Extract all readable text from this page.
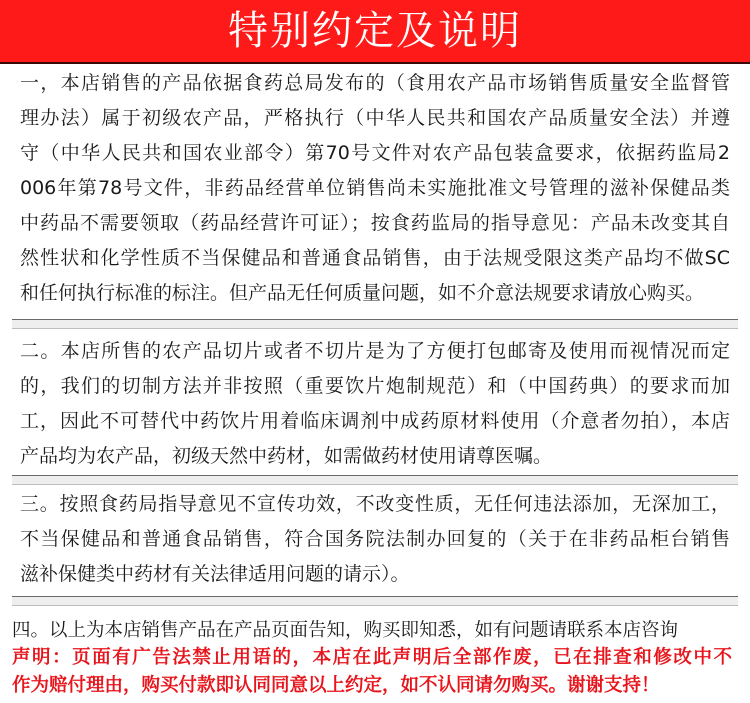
特别约定及说明
一，本店销售的产品依据食药总局发布的（食用农产品市场销售质量安全监督管
理办法）属于初级农产品，严格执行（中华人民共和国农产品质量安全法）并遵
守（中华人民共和国农业部令）第70号文件对农产品包装盒要求，依据药监局2
006年第78号文件，非药品经营单位销售尚未实施批准文号管理的滋补保健品类
中药品不需要领取（药品经营许可证）；按食药监局的指导意见：产品未改变其自
然性状和化学性质不当保健品和普通食品销售，由于法规受限这类产品均不做SC
和任何执行标准的标注。但产品无任何质量问题，如不介意法规要求请放心购买。
二。本店所售的农产品切片或者不切片是为了方便打包邮寄及使用而视情况而定
的，我们的切制方法并非按照（重要饮片炮制规范）和（中国药典）的要求而加
工，因此不可替代中药饮片用着临床调剂中成药原材料使用（介意者勿拍），本店
产品均为农产品，初级天然中药材，如需做药材使用请尊医嘱。
三。按照食药局指导意见不宣传功效，不改变性质，无任何违法添加，无深加工，
不当保健品和普通食品销售，符合国务院法制办回复的（关于在非药品柜台销售
滋补保健类中药材有关法律适用问题的请示）。
四。以上为本店销售产品在产品页面告知，购买即知悉，如有问题请联系本店咨询
声明：页面有广告法禁止用语的，本店在此声明后全部作废，已在排查和修改中不
作为赔付理由，购买付款即认同同意以上约定，如不认同请勿购买。谢谢支持！
